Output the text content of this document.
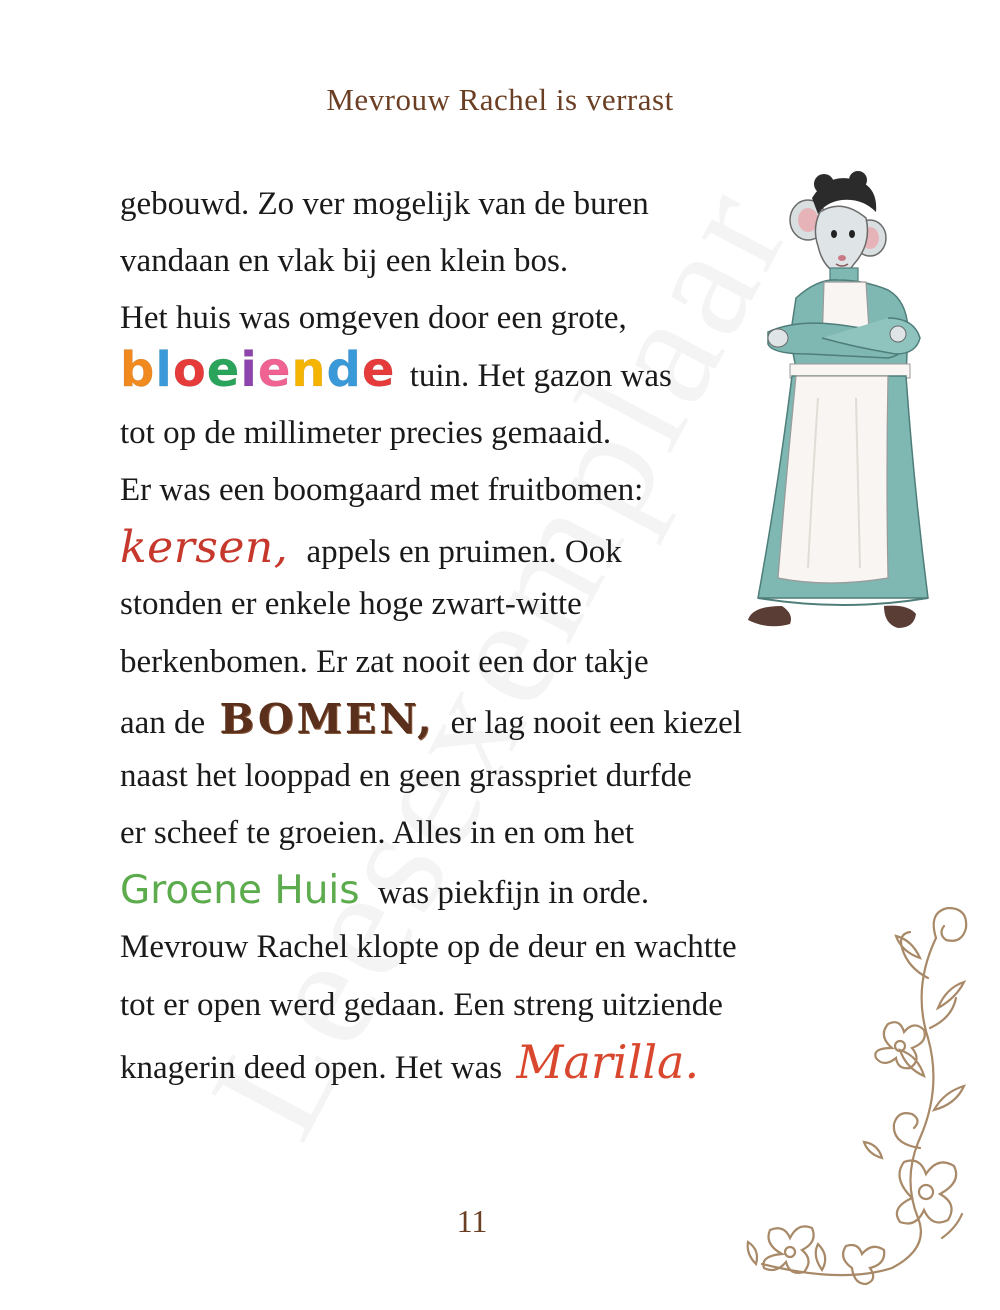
Mevrouw Rachel is verrast
gebouwd. Zo ver mogelijk van de buren
vandaan en vlak bij een klein bos.
Het huis was omgeven door een grote,
bloeiende tuin. Het gazon was
tot op de millimeter precies gemaaid.
Er was een boomgaard met fruitbomen:
kersen, appels en pruimen. Ook
stonden er enkele hoge zwart-witte
berkenbomen. Er zat nooit een dor takje
aan de BOMEN, er lag nooit een kiezel
naast het looppad en geen grasspriet durfde
er scheef te groeien. Alles in en om het
Groene Huis was piekfijn in orde.
Mevrouw Rachel klopte op de deur en wachtte
tot er open werd gedaan. Een streng uitziende
knagerin deed open. Het was Marilla.
11
